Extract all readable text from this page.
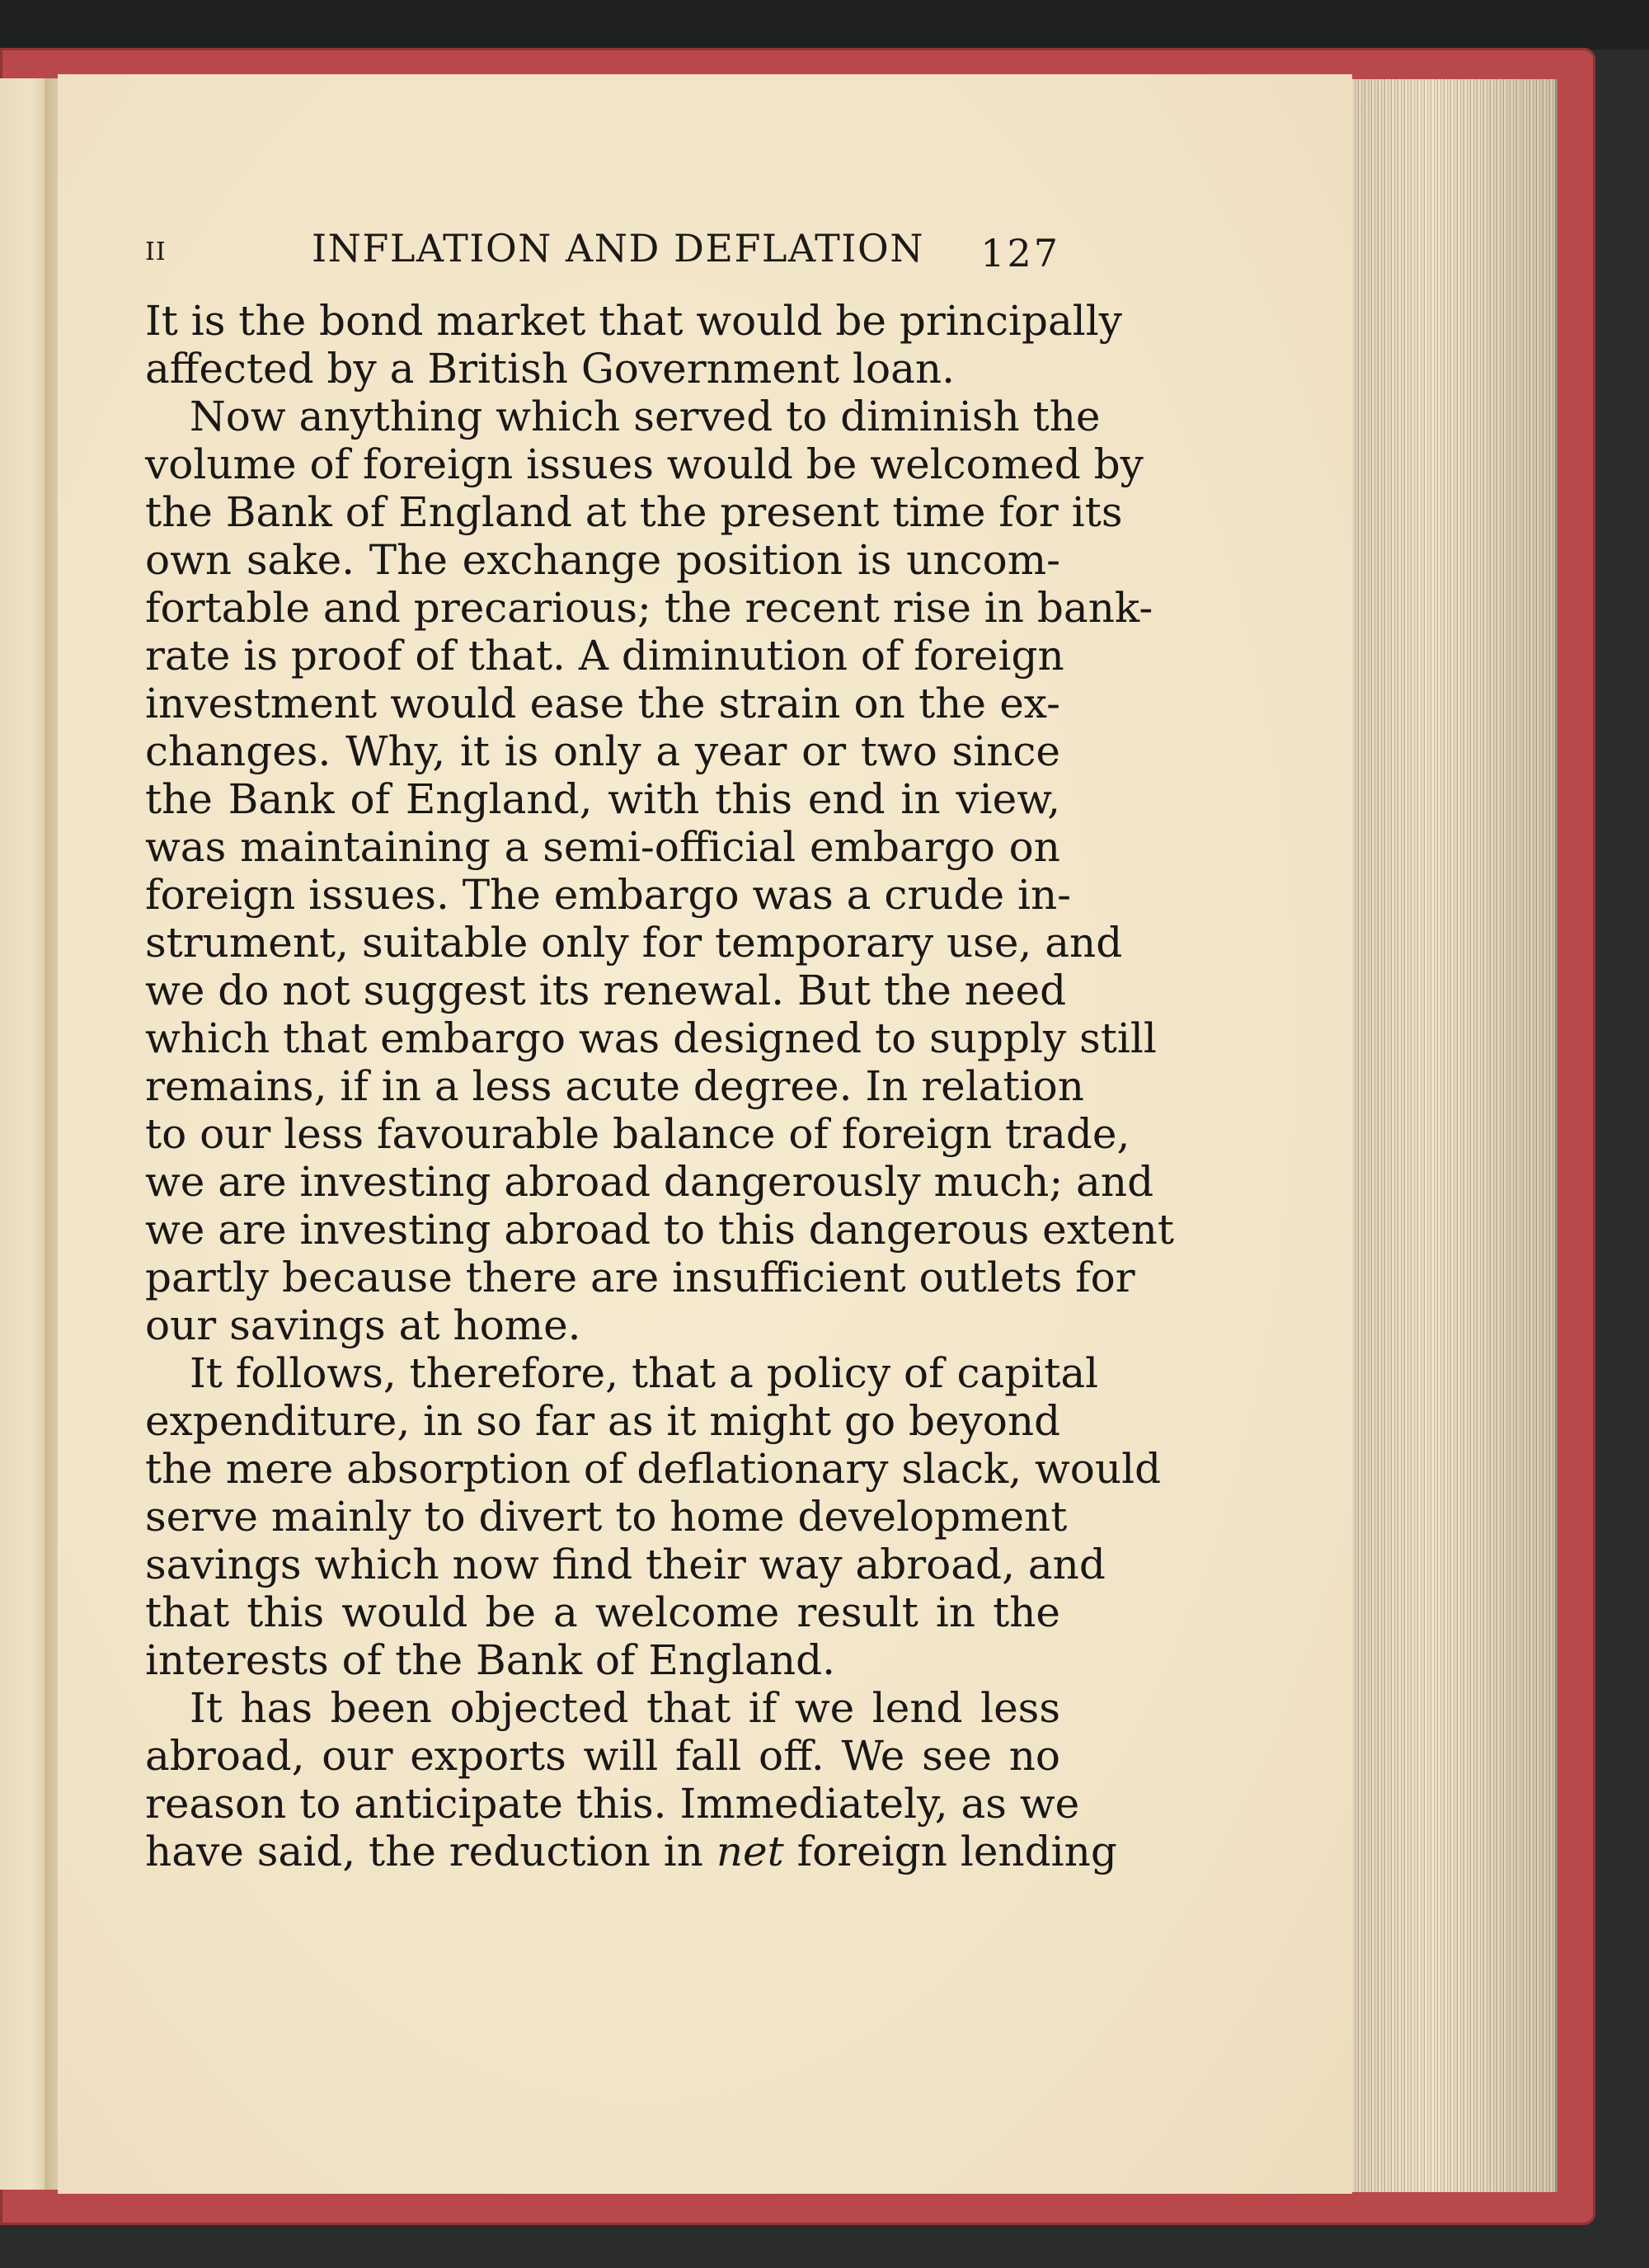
II	INFLATION AND DEFLATION 127
It is the bond market that would be principally
affected by a British Government loan.
Now anything which served to diminish the
volume of foreign issues would be welcomed by
the Bank of England at the present time for its
own sake. The exchange position is uncom-
fortable and precarious; the recent rise in bank-
rate is proof of that. A diminution of foreign
investment would ease the strain on the ex-
changes. Why, it is only a year or two since
the Bank of England, with this end in view,
was maintaining a semi-official embargo on
foreign issues. The embargo was a crude in-
strument, suitable only for temporary use, and
we do not suggest its renewal. But the need
which that embargo was designed to supply still
remains, if in a less acute degree. In relation
to our less favourable balance of foreign trade,
we are investing abroad dangerously much; and
we are investing abroad to this dangerous extent
partly because there are insufficient outlets for
our savings at home.
It follows, therefore, that a policy of capital
expenditure, in so far as it might go beyond
the mere absorption of deflationary slack, would
serve mainly to divert to home development
savings which now find their way abroad, and
that this would be a welcome result in the
interests of the Bank of England.
It has been objected that if we lend less
abroad, our exports will fall off. We see no
reason to anticipate this. Immediately, as we
have said, the reduction in net foreign lending
